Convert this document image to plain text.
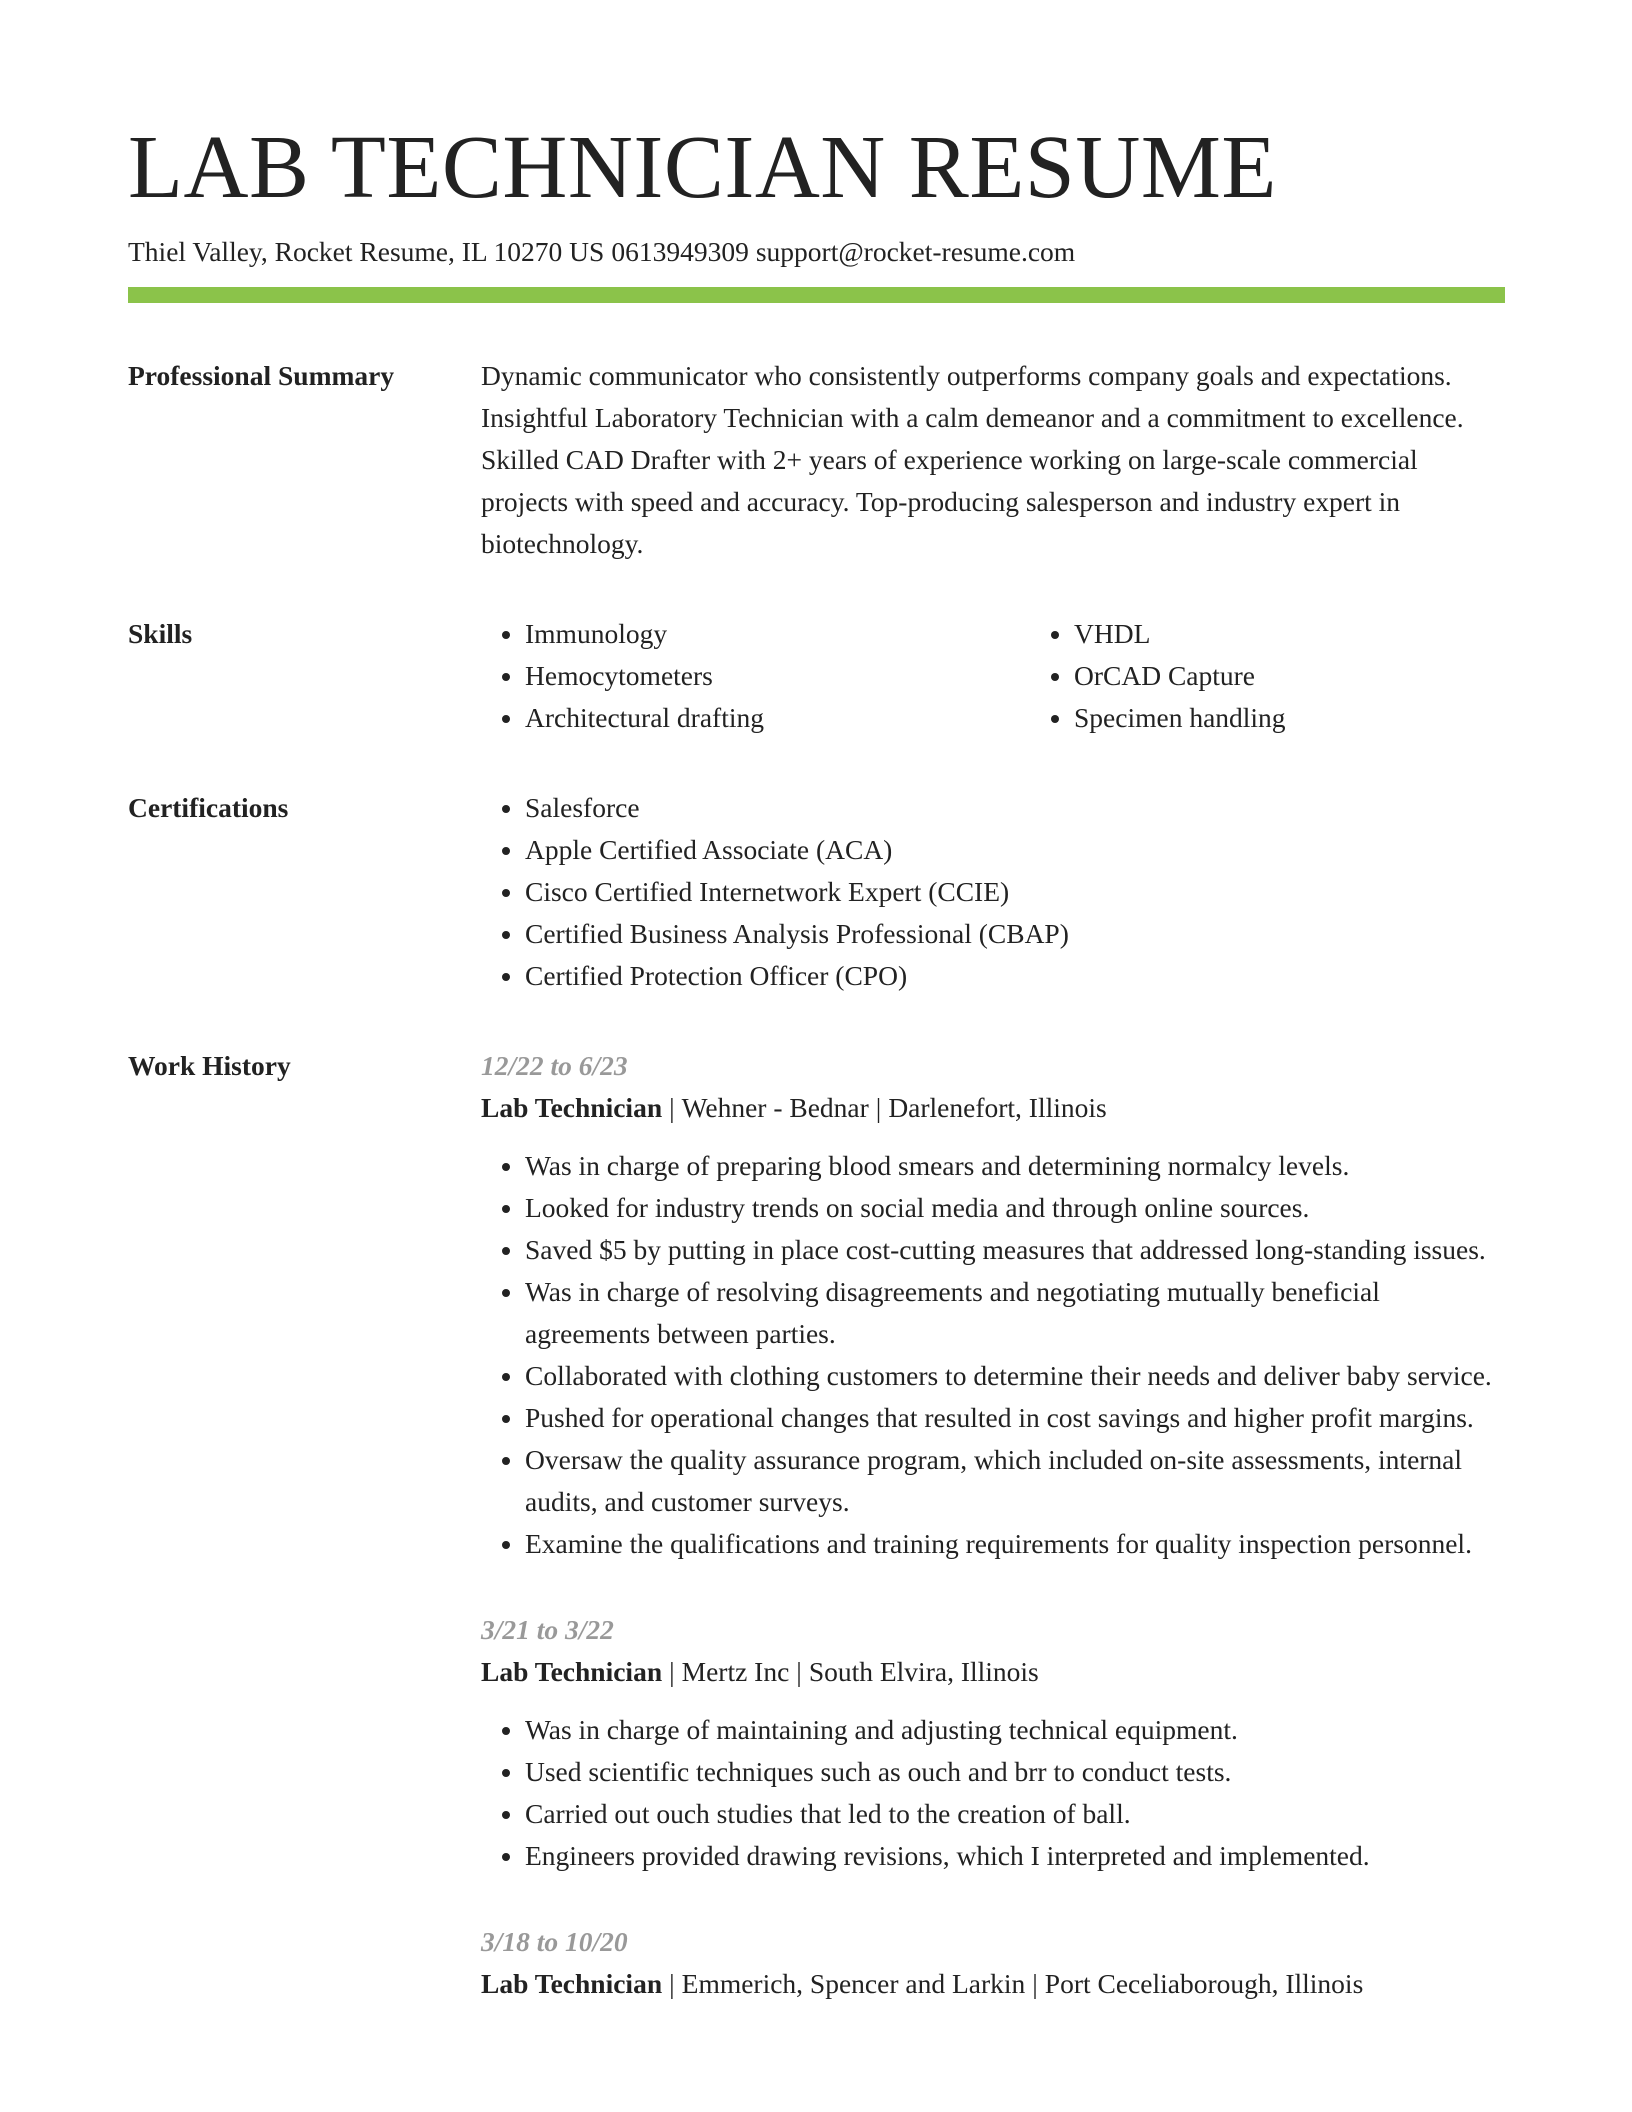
LAB TECHNICIAN RESUME
Thiel Valley, Rocket Resume, IL 10270 US 0613949309 support@rocket-resume.com
Professional Summary	Dynamic communicator who consistently outperforms company goals and expectations. Insightful Laboratory Technician with a calm demeanor and a commitment to excellence. Skilled CAD Drafter with 2+ years of experience working on large-scale commercial projects with speed and accuracy. Top-producing salesperson and industry expert in biotechnology.

Skills	• Immunology
• Hemocytometers
• Architectural drafting
• VHDL
• OrCAD Capture
• Specimen handling
Certifications	• Salesforce
• Apple Certified Associate (ACA)
• Cisco Certified Internetwork Expert (CCIE)
• Certified Business Analysis Professional (CBAP)
• Certified Protection Officer (CPO)
Work History	12/22 to 6/23
Lab Technician | Wehner - Bednar | Darlenefort, Illinois
• Was in charge of preparing blood smears and determining normalcy levels.
• Looked for industry trends on social media and through online sources.
• Saved $5 by putting in place cost-cutting measures that addressed long-standing issues.
• Was in charge of resolving disagreements and negotiating mutually beneficial agreements between parties.
• Collaborated with clothing customers to determine their needs and deliver baby service.
• Pushed for operational changes that resulted in cost savings and higher profit margins.
• Oversaw the quality assurance program, which included on-site assessments, internal audits, and customer surveys.
• Examine the qualifications and training requirements for quality inspection personnel.
3/21 to 3/22
Lab Technician | Mertz Inc | South Elvira, Illinois
• Was in charge of maintaining and adjusting technical equipment.
• Used scientific techniques such as ouch and brr to conduct tests.
• Carried out ouch studies that led to the creation of ball.
• Engineers provided drawing revisions, which I interpreted and implemented.
3/18 to 10/20
Lab Technician | Emmerich, Spencer and Larkin | Port Ceceliaborough, Illinois
